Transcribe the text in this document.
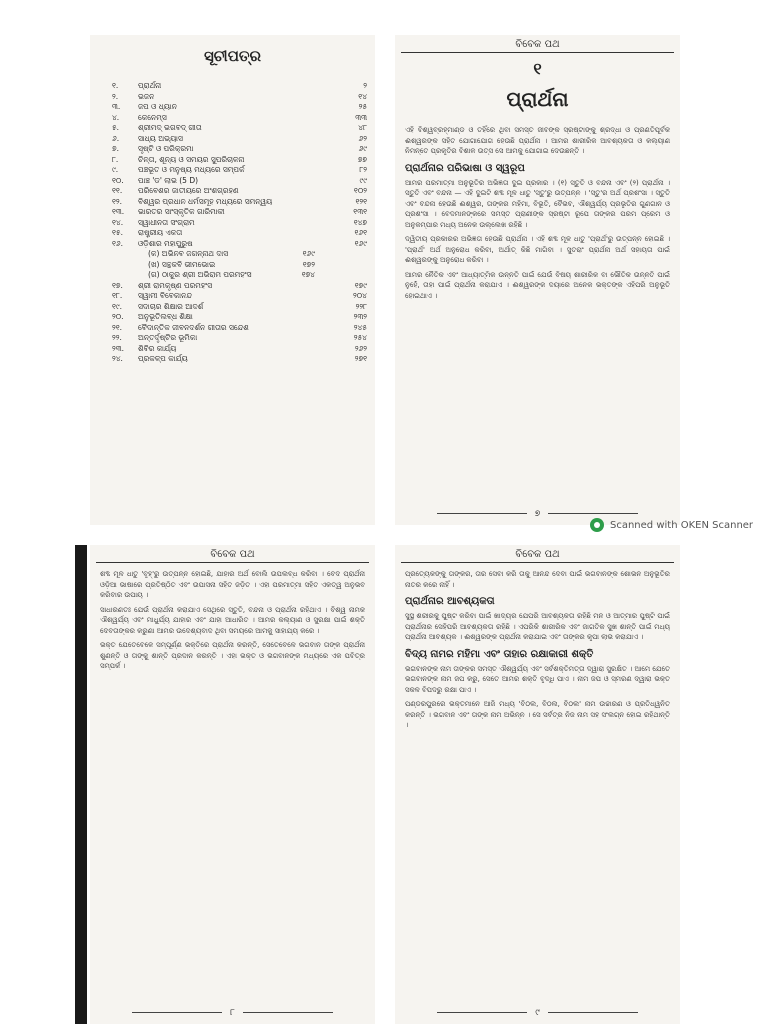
ସୂଚୀପତ୍ର
୧.	ପ୍ରାର୍ଥନା	୨
୨.	ଭଜନ	୧୪
୩.	ଜପ ଓ ଧ୍ୟାନ	୨୫
୪.	କେନେମ୍‌ସ	୩୩
୫.	ଶ୍ରୀମଦ୍ ଭଗବଦ୍ ଗୀତା	୪୮
୬.	ସାଧ୍ୟ ଅଭ୍ୟାସ	୬୨
୭.	ସୃଷ୍ଟି ଓ ପରିକ୍ରମା	୬୯
୮.	ଚିନ୍ତା, ଶୂନ୍ୟ ଓ ସମୟର ସୁପରିଚାଳନା	୭୭
୯.	ପଞ୍ଚଭୂତ ଓ ମନୁଷ୍ୟ ମଧ୍ୟରେ ସମ୍ପର୍କ	୮୨
୧୦.	ପାଞ୍ଚ 'ଡ' ଲାଭ (5 D)	୯୯
୧୧.	ପରିବେଶର ଜାତୀୟରେ ଅଂଶଗ୍ରହଣ	୧୦୨
୧୨.	ବିଶ୍ୱର ପ୍ରଧାନ ଧର୍ମସମୂହ ମଧ୍ୟରେ ସମନ୍ୱୟ	୧୨୧
୧୩.	ଭାରତର ସାଂସ୍କୃତିକ ଗାରିମାକୀ	୧୩୧
୧୪.	ସ୍ୱାଧୀନତା ସଂଗ୍ରାମ	୧୪୭
୧୫.	ରାଷ୍ଟ୍ରୀୟ ଏକତା	୧୬୧
୧୬.	ଓଡ଼ିଶାର ମହାପୁରୁଷ	୧୬୯
(କ) ଅଭିନବ ଜଗନ୍ନାଥ ଦାସ	୧୬୯
(ଖ) ସନ୍ଥକବି ଭୀମଭୋଇ	୧୭୨
(ଗ) ଠାକୁର ଶ୍ରୀ ଅଭିରାମ ପରମହଂସ	୧୭୪
୧୭.	ଶ୍ରୀ ରାମକୃଷ୍ଣ ପରମହଂସ	୧୭୯
୧୮.	ସ୍ୱାମୀ ବିବେକାନନ୍ଦ	୨୦୪
୧୯.	ସଦାଚାର ଶିକ୍ଷାର ଆଦର୍ଶ	୨୨୮
୨୦.	ଅନୁଭୂତିଲବ୍ଧ ଶିକ୍ଷା	୨୩୨
୨୧.	ବୈଦାନ୍ତିକ ଜୀବନଦର୍ଶନ ଗୀତାର ସନ୍ଦେଶ	୨୪୫
୨୨.	ଅନ୍ତର୍ଦୃଷ୍ଟିର ଭୂମିକା	୨୫୪
୨୩.	ଶିବିର କାର୍ଯ୍ୟ	୨୬୨
୨୪.	ପ୍ରକଳ୍ପ କାର୍ଯ୍ୟ	୨୭୧
ବିବେକ ପଥ
୧
ପ୍ରାର୍ଥନା

ଏହି ବିଶ୍ୱବ୍ରହ୍ମାଣ୍ଡ ଓ ତହିଁରେ ଥିବା ସମସ୍ତ ଜୀବଙ୍କ ସ୍ରଷ୍ଟାଙ୍କୁ ଶ୍ରଦ୍ଧା ଓ ପ୍ରଣତିପୂର୍ବକ ଈଶ୍ୱରଙ୍କ ସହିତ ଯୋଗାଯୋଗ ହେଉଛି ପ୍ରାର୍ଥନା । ଆମର ଶାରୀରିକ ଆବଶ୍ୟକତା ଓ କଲ୍ୟାଣ ନିମନ୍ତେ ପ୍ରକୃତିର ବିଶାଳ ଉତ୍ସ ସେ ଆମକୁ ଯୋଗାଇ ଦେଉଛନ୍ତି ।

ପ୍ରାର୍ଥନାର ପରିଭାଷା ଓ ସ୍ୱରୂପ

ଆମର ପରମାତ୍ମା ଅନୁଭୂତିର ଅଭିଜ୍ଞତା ଦୁଇ ପ୍ରକାର । (୧) ସ୍ତୁତି ଓ ବନ୍ଦନା ଏବଂ (୨) ପ୍ରାର୍ଥନା । ସ୍ତୁତି ଏବଂ ବନ୍ଦନା — ଏହି ଦୁଇଟି ଶବ୍ଦ ମୂଳ ଧାତୁ 'ସ୍ତୁ'ରୁ ଉତ୍ପନ୍ନ । 'ସ୍ତୁ'ର ଅର୍ଥ ପ୍ରଶଂସା । ସ୍ତୁତି ଏବଂ ବନ୍ଦନା ହେଉଛି ଈଶ୍ୱର, ତାଙ୍କର ମହିମା, ବିଭୂତି, ବୈଭବ, ଐଶ୍ୱର୍ଯ୍ୟ ପ୍ରଭୃତିର ଗୁଣଗାନ ଓ ପ୍ରଶଂସା । ବେଦମାନଙ୍କରେ ସମସ୍ତ ପ୍ରାଣୀଙ୍କ ସ୍ରଷ୍ଟା ରୂପେ ତାଙ୍କର ପରମ ପ୍ରେମ ଓ ଅନୁକମ୍ପାର ମଧ୍ୟ ଅନେକ ଉଲ୍ଲେଖ ରହିଛି ।

ଦ୍ୱିତୀୟ ପ୍ରକାରର ଅଭିଜ୍ଞତା ହେଉଛି ପ୍ରାର୍ଥନା । ଏହି ଶବ୍ଦ ମୂଳ ଧାତୁ 'ପ୍ରାର୍ଥ'ରୁ ଉତ୍ପନ୍ନ ହୋଇଛି । 'ପ୍ରାର୍ଥ' ଅର୍ଥ ଅନୁରୋଧ କରିବା, ଅର୍ଥାତ୍ କିଛି ମାଗିବା । ସୁତରାଂ ପ୍ରାର୍ଥନା ଅର୍ଥ ସହାୟତା ପାଇଁ ଈଶ୍ୱରଙ୍କୁ ଅନୁରୋଧ କରିବା ।

ଆମର ନୈତିକ ଏବଂ ଆଧ୍ୟାତ୍ମିକ ଉନ୍ନତି ପାଇଁ ଯେଉଁ ବିଷୟ ଶାରୀରିକ ବା ଭୌତିକ ଉନ୍ନତି ପାଇଁ ନୁହେଁ, ତାହା ପାଇଁ ପ୍ରାର୍ଥନା କରାଯାଏ । ଈଶ୍ୱରଙ୍କ ଦୟାରେ ଅନେକ ଭକ୍ତଙ୍କ ଏହିପରି ଅନୁଭୂତି ହୋଇଥାଏ ।

୭
Scanned with OKEN Scanner
ବିବେକ ପଥ

ଶବ୍ଦ ମୂଳ ଧାତୁ 'ବୃହ୍'ରୁ ଉତ୍ପନ୍ନ ହୋଇଛି, ଯାହାର ଅର୍ଥ ବୋଲି ଉପଲବ୍ଧ କରିବା । ବେଦ ପ୍ରାର୍ଥନା ଓଡ଼ିଆ ଭାଷାରେ ପ୍ରତିଷ୍ଠିତ ଏବଂ ଉପାସନା ସହିତ ଜଡ଼ିତ । ଏହା ପରମାତ୍ମା ସହିତ ଏକତ୍ୱ ଅନୁଭବ କରିବାର ଉପାୟ ।

ସାଧାରଣତଃ ଯେଉଁ ପ୍ରାର୍ଥନା କରାଯାଏ ସେଥିରେ ସ୍ତୁତି, ବନ୍ଦନା ଓ ପ୍ରାର୍ଥନା ରହିଥାଏ । ବିଶ୍ୱ ନାମକ ଐଶ୍ୱର୍ଯ୍ୟ ଏବଂ ମାଧୁର୍ଯ୍ୟ ଯାହାର ଏବଂ ଯାହା ଆଧାରିତ । ଆମର କଲ୍ୟାଣ ଓ ସୁରକ୍ଷା ପାଇଁ ଶକ୍ତି ଦେବତାଙ୍କର କରୁଣା ଆମର ଉଦେଶ୍ୟବାଦ ଥିବା ସମୟରେ ଆମକୁ ସାହାଯ୍ୟ କରେ ।

ଭକ୍ତ ଯେତେବେଳେ ସମ୍ପୂର୍ଣ୍ଣ ଭକ୍ତିରେ ପ୍ରାର୍ଥନା କରନ୍ତି, ସେତେବେଳେ ଭଗବାନ ତାଙ୍କ ପ୍ରାର୍ଥନା ଶୁଣନ୍ତି ଓ ତାଙ୍କୁ ଶାନ୍ତି ପ୍ରଦାନ କରନ୍ତି । ଏହା ଭକ୍ତ ଓ ଭଗବାନଙ୍କ ମଧ୍ୟରେ ଏକ ପବିତ୍ର ସମ୍ପର୍କ ।

୮
ବିବେକ ପଥ

ପ୍ରତ୍ୟେକଙ୍କୁ ତାଙ୍କର, ତାର ସେବା କରି ତାକୁ ଆନନ୍ଦ ଦେବା ପାଇଁ ଭଗବାନଙ୍କ ଶୋଭନ ଅନୁଭୂତିର ନାତର କରେ ନାହିଁ ।

ପ୍ରାର୍ଥନାର ଆବଶ୍ୟକତା

ସୁସ୍ଥ ଶରୀରକୁ ପୁଷ୍ଟ କରିବା ପାଇଁ ଖାଦ୍ୟର ଯେପରି ଆବଶ୍ୟକତା ରହିଛି ମନ ଓ ଆତ୍ମାର ପୁଷ୍ଟି ପାଇଁ ପ୍ରାର୍ଥନାର ସେହିପରି ଆବଶ୍ୟକତା ରହିଛି । ଏପରିକି ଶାରୀରିକ ଏବଂ ଜାଗତିକ ସୁଖ ଶାନ୍ତି ପାଇଁ ମଧ୍ୟ ପ୍ରାର୍ଥନା ଆବଶ୍ୟକ । ଈଶ୍ୱରଙ୍କ ପ୍ରାର୍ଥନା କରାଯାଇ ଏବଂ ତାଙ୍କର କୃପା ଲାଭ କରାଯାଏ ।

ବିଦ୍ୟ ନାମର ମହିମା ଏବଂ ତାହାର ରକ୍ଷାକାରୀ ଶକ୍ତି

ଭଗବାନଙ୍କ ନାମ ତାଙ୍କର ସମସ୍ତ ଐଶ୍ୱର୍ଯ୍ୟ ଏବଂ ସର୍ବଶକ୍ତିମତ୍ତା ଦ୍ୱାରା ସୁରକ୍ଷିତ । ଆମେ ଯେତେ ଭଗବାନଙ୍କ ନାମ ଜପ କରୁ, ସେତେ ଆମର ଶକ୍ତି ବୃଦ୍ଧି ପାଏ । ନାମ ଜପ ଓ ସ୍ମରଣ ଦ୍ୱାରା ଭକ୍ତ ସକଳ ବିପଦରୁ ରକ୍ଷା ପାଏ ।

ପଣ୍ଡରପୁରରେ ଭକ୍ତମାନେ ଆଜି ମଧ୍ୟ 'ବିଠଲ, ବିଠଲ, ବିଠଲ' ନାମ ଉଚ୍ଚାରଣ ଓ ପ୍ରତିଧ୍ୱନିତ କରନ୍ତି । ଭଗବାନ ଏବଂ ତାଙ୍କ ନାମ ଅଭିନ୍ନ । ସେ ସର୍ବତ୍ର ନିଜ ନାମ ସହ ସଂଲଗ୍ନ ହୋଇ ରହିଥାନ୍ତି ।

୯
